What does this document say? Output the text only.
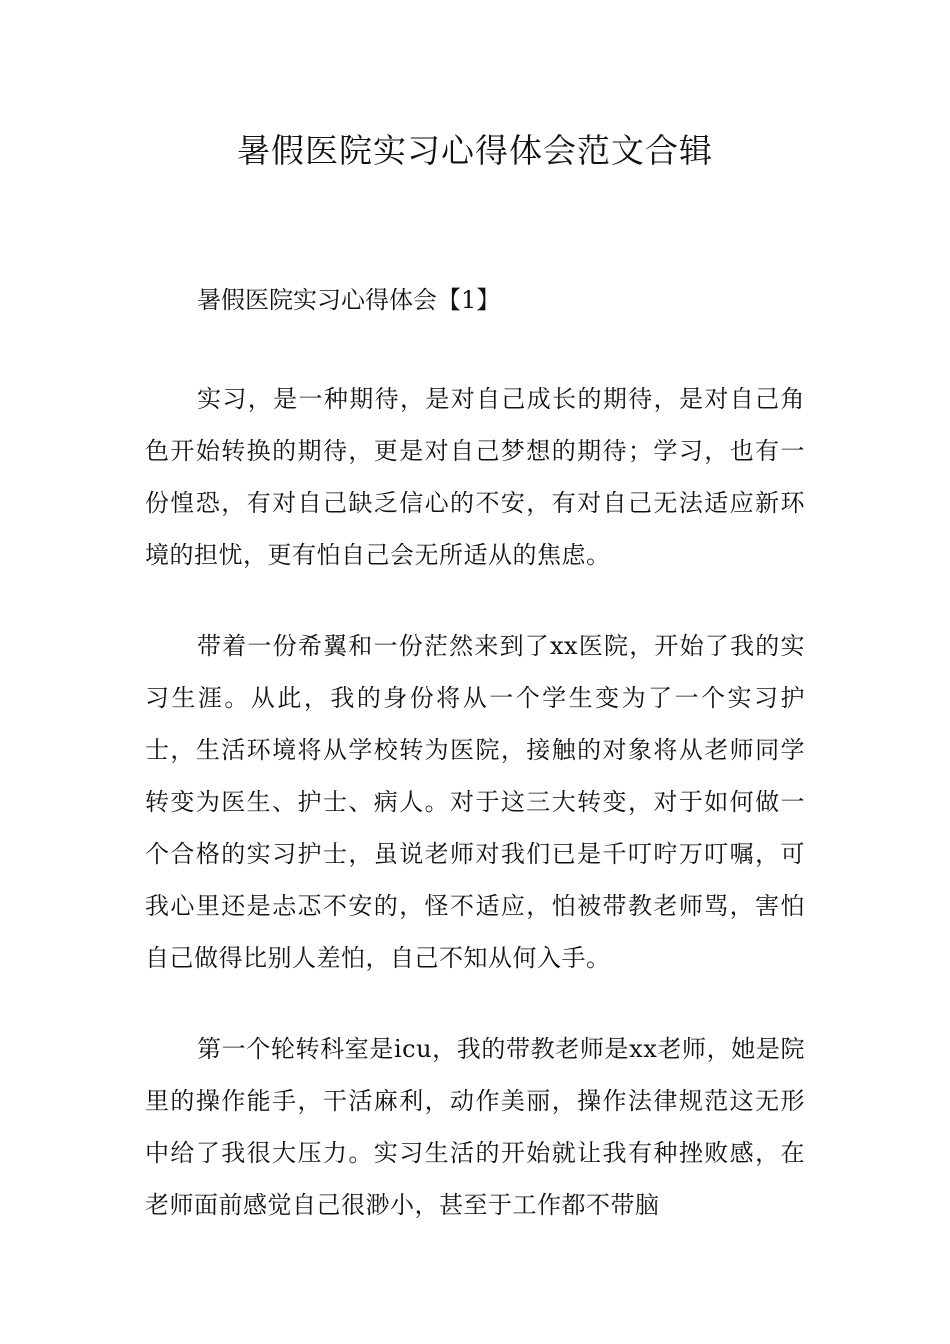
暑假医院实习心得体会范文合辑
暑假医院实习心得体会【1】

实习，是一种期待，是对自己成长的期待，是对自己角色开始转换的期待，更是对自己梦想的期待；学习，也有一份惶恐，有对自己缺乏信心的不安，有对自己无法适应新环境的担忧，更有怕自己会无所适从的焦虑。

带着一份希翼和一份茫然来到了xx医院，开始了我的实习生涯。从此，我的身份将从一个学生变为了一个实习护士，生活环境将从学校转为医院，接触的对象将从老师同学转变为医生、护士、病人。对于这三大转变，对于如何做一个合格的实习护士，虽说老师对我们已是千叮咛万叮嘱，可我心里还是忐忑不安的，怪不适应，怕被带教老师骂，害怕自己做得比别人差怕，自己不知从何入手。

第一个轮转科室是icu，我的带教老师是xx老师，她是院里的操作能手，干活麻利，动作美丽，操作法律规范这无形中给了我很大压力。实习生活的开始就让我有种挫败感，在老师面前感觉自己很渺小，甚至于工作都不带脑
